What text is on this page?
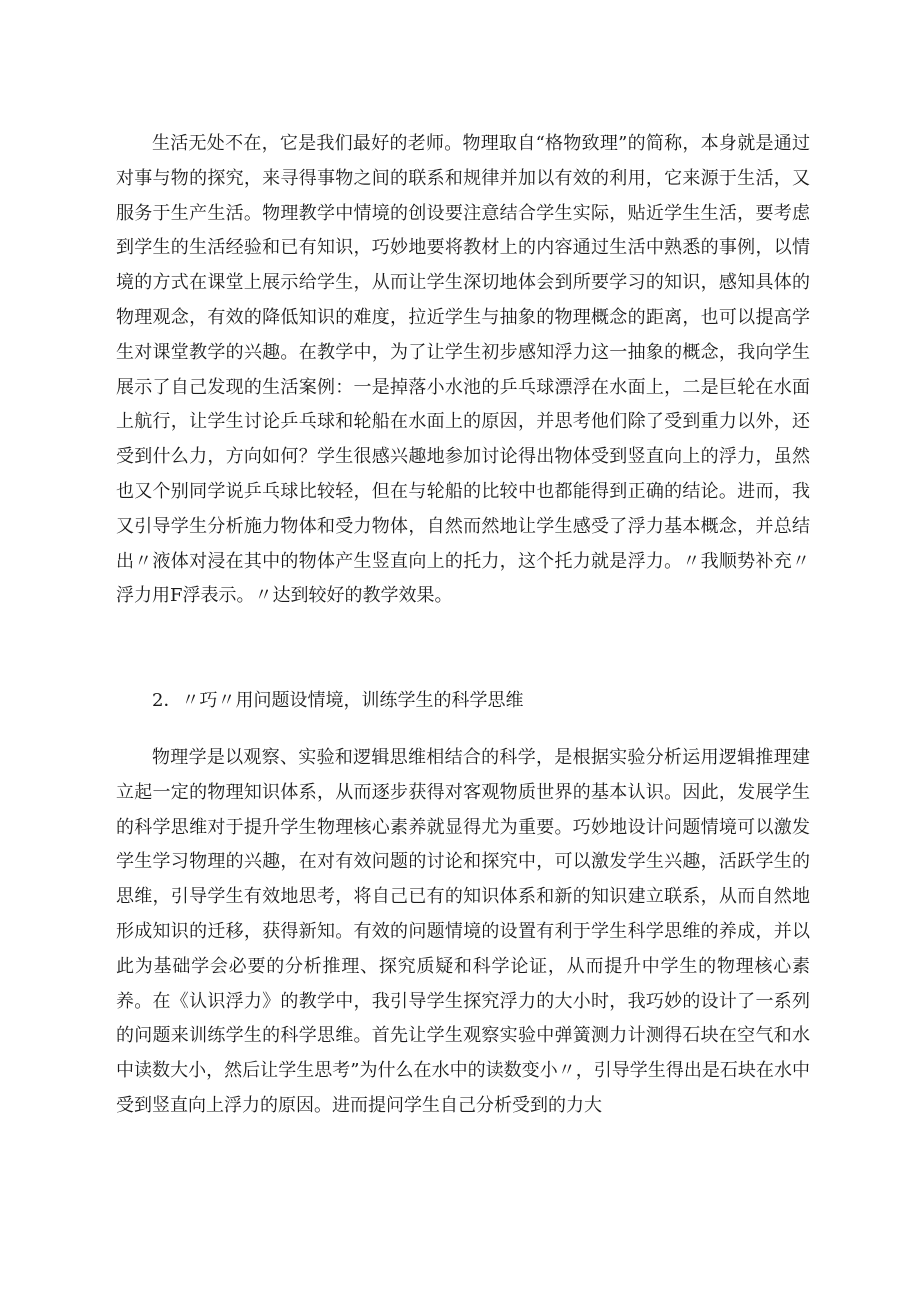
生活无处不在，它是我们最好的老师。物理取自“格物致理”的简称，本身就是通过对事与物的探究，来寻得事物之间的联系和规律并加以有效的利用，它来源于生活，又服务于生产生活。物理教学中情境的创设要注意结合学生实际，贴近学生生活，要考虑到学生的生活经验和已有知识，巧妙地要将教材上的内容通过生活中熟悉的事例，以情境的方式在课堂上展示给学生，从而让学生深切地体会到所要学习的知识，感知具体的物理观念，有效的降低知识的难度，拉近学生与抽象的物理概念的距离，也可以提高学生对课堂教学的兴趣。在教学中，为了让学生初步感知浮力这一抽象的概念，我向学生展示了自己发现的生活案例：一是掉落小水池的乒乓球漂浮在水面上，二是巨轮在水面上航行，让学生讨论乒乓球和轮船在水面上的原因，并思考他们除了受到重力以外，还受到什么力，方向如何？学生很感兴趣地参加讨论得出物体受到竖直向上的浮力，虽然也又个别同学说乒乓球比较轻，但在与轮船的比较中也都能得到正确的结论。进而，我又引导学生分析施力物体和受力物体，自然而然地让学生感受了浮力基本概念，并总结出〃液体对浸在其中的物体产生竖直向上的托力，这个托力就是浮力。〃我顺势补充〃浮力用F浮表示。〃达到较好的教学效果。

2．〃巧〃用问题设情境，训练学生的科学思维

物理学是以观察、实验和逻辑思维相结合的科学，是根据实验分析运用逻辑推理建立起一定的物理知识体系，从而逐步获得对客观物质世界的基本认识。因此，发展学生的科学思维对于提升学生物理核心素养就显得尤为重要。巧妙地设计问题情境可以激发学生学习物理的兴趣，在对有效问题的讨论和探究中，可以激发学生兴趣，活跃学生的思维，引导学生有效地思考，将自己已有的知识体系和新的知识建立联系，从而自然地形成知识的迁移，获得新知。有效的问题情境的设置有利于学生科学思维的养成，并以此为基础学会必要的分析推理、探究质疑和科学论证，从而提升中学生的物理核心素养。在《认识浮力》的教学中，我引导学生探究浮力的大小时，我巧妙的设计了一系列的问题来训练学生的科学思维。首先让学生观察实验中弹簧测力计测得石块在空气和水中读数大小，然后让学生思考”为什么在水中的读数变小〃，引导学生得出是石块在水中受到竖直向上浮力的原因。进而提问学生自己分析受到的力大
